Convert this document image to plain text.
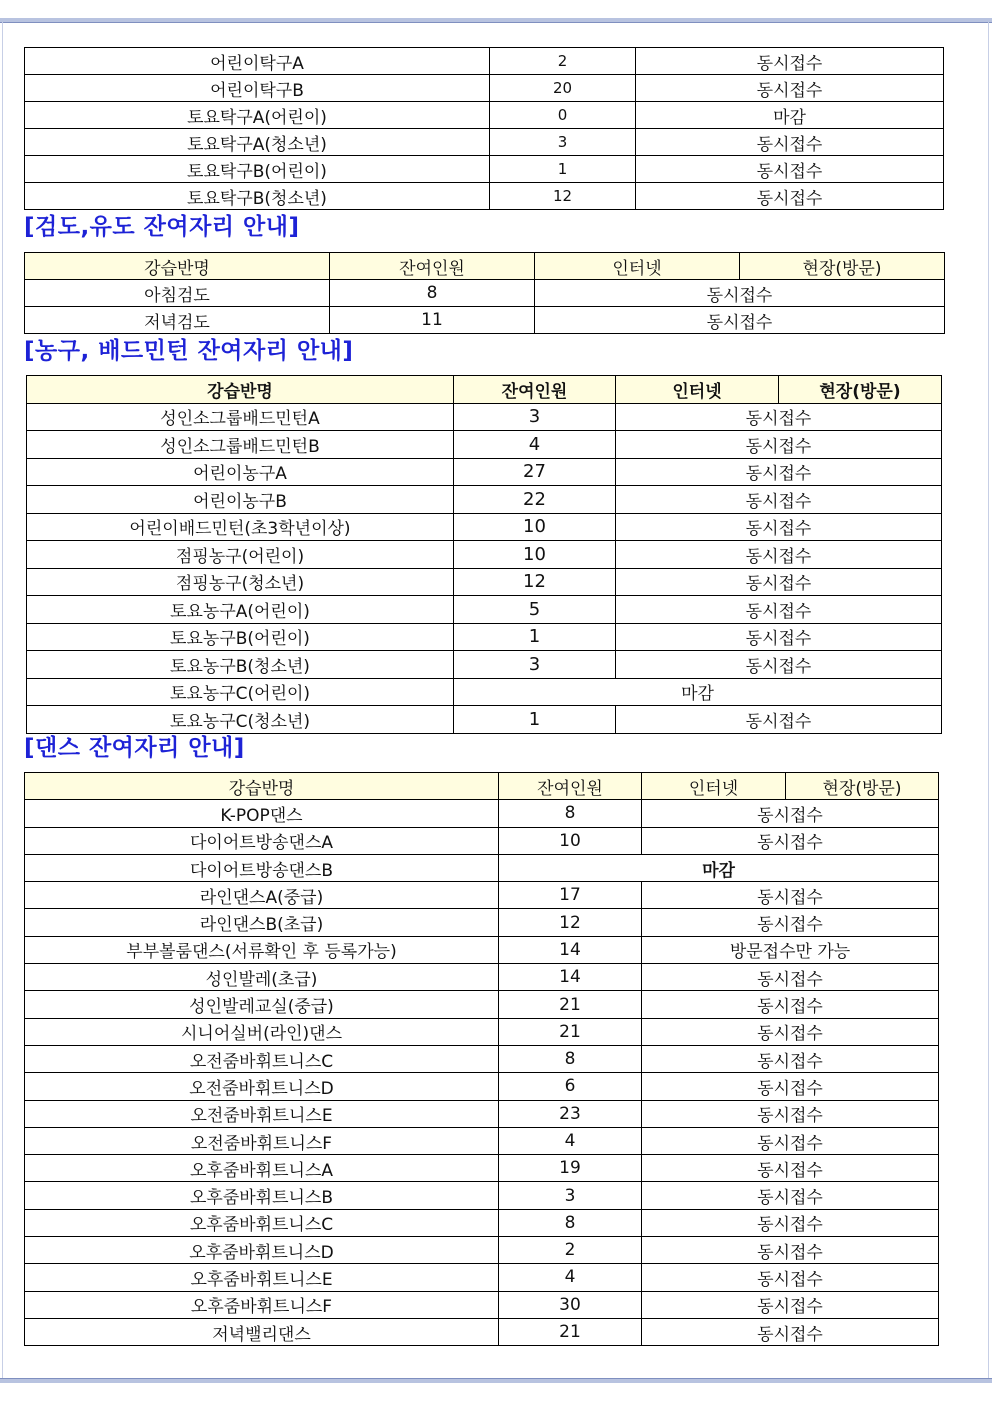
어린이탁구A	2	동시접수
어린이탁구B	20	동시접수
토요탁구A(어린이)	0	마감
토요탁구A(청소년)	3	동시접수
토요탁구B(어린이)	1	동시접수
토요탁구B(청소년)	12	동시접수
[검도,유도 잔여자리 안내]
강습반명	잔여인원	인터넷	현장(방문)
아침검도	8	동시접수	
저녁검도	11	동시접수	
[농구, 배드민턴 잔여자리 안내]
강습반명	잔여인원	인터넷	현장(방문)
성인소그룹배드민턴A	3	동시접수	
성인소그룹배드민턴B	4	동시접수	
어린이농구A	27	동시접수	
어린이농구B	22	동시접수	
어린이배드민턴(초3학년이상)	10	동시접수	
점핑농구(어린이)	10	동시접수	
점핑농구(청소년)	12	동시접수	
토요농구A(어린이)	5	동시접수	
토요농구B(어린이)	1	동시접수	
토요농구B(청소년)	3	동시접수	
토요농구C(어린이)	마감		
토요농구C(청소년)	1	동시접수	
[댄스 잔여자리 안내]
강습반명	잔여인원	인터넷	현장(방문)
K-POP댄스	8	동시접수	
다이어트방송댄스A	10	동시접수	
다이어트방송댄스B	마감		
라인댄스A(중급)	17	동시접수	
라인댄스B(초급)	12	동시접수	
부부볼룸댄스(서류확인 후 등록가능)	14	방문접수만 가능	
성인발레(초급)	14	동시접수	
성인발레교실(중급)	21	동시접수	
시니어실버(라인)댄스	21	동시접수	
오전줌바휘트니스C	8	동시접수	
오전줌바휘트니스D	6	동시접수	
오전줌바휘트니스E	23	동시접수	
오전줌바휘트니스F	4	동시접수	
오후줌바휘트니스A	19	동시접수	
오후줌바휘트니스B	3	동시접수	
오후줌바휘트니스C	8	동시접수	
오후줌바휘트니스D	2	동시접수	
오후줌바휘트니스E	4	동시접수	
오후줌바휘트니스F	30	동시접수	
저녁밸리댄스	21	동시접수	
